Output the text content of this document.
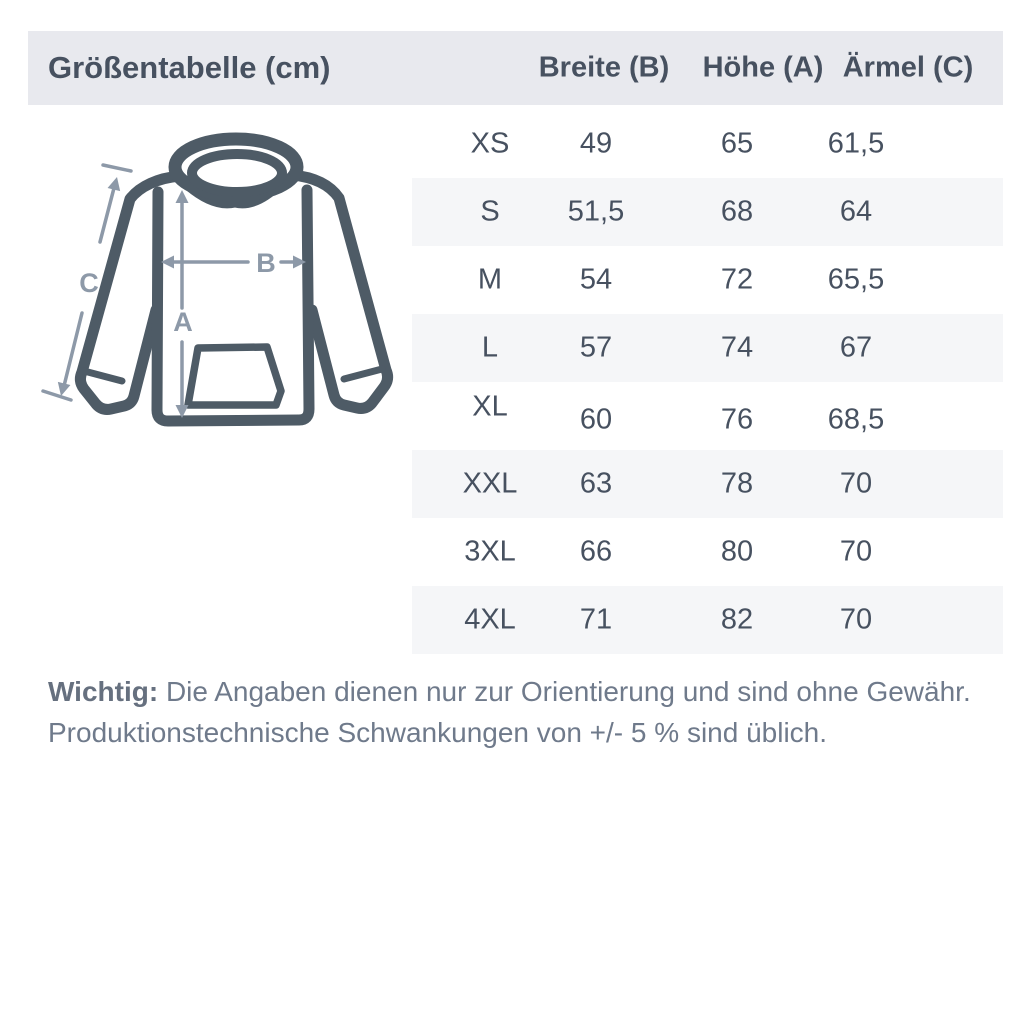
Größentabelle (cm)	Breite (B) Höhe (A) Ärmel (C)
A
B
C
XS 49	65	61,5
S 51,5	68	64
M	54	72	65,5
L	57	74	67
XL 60	76	68,5
XXL 63	78	70
3XL 66	80	70
4XL 71	82	70
Wichtig: Die Angaben dienen nur zur Orientierung und sind ohne Gewähr.
Produktionstechnische Schwankungen von +/- 5 % sind üblich.
